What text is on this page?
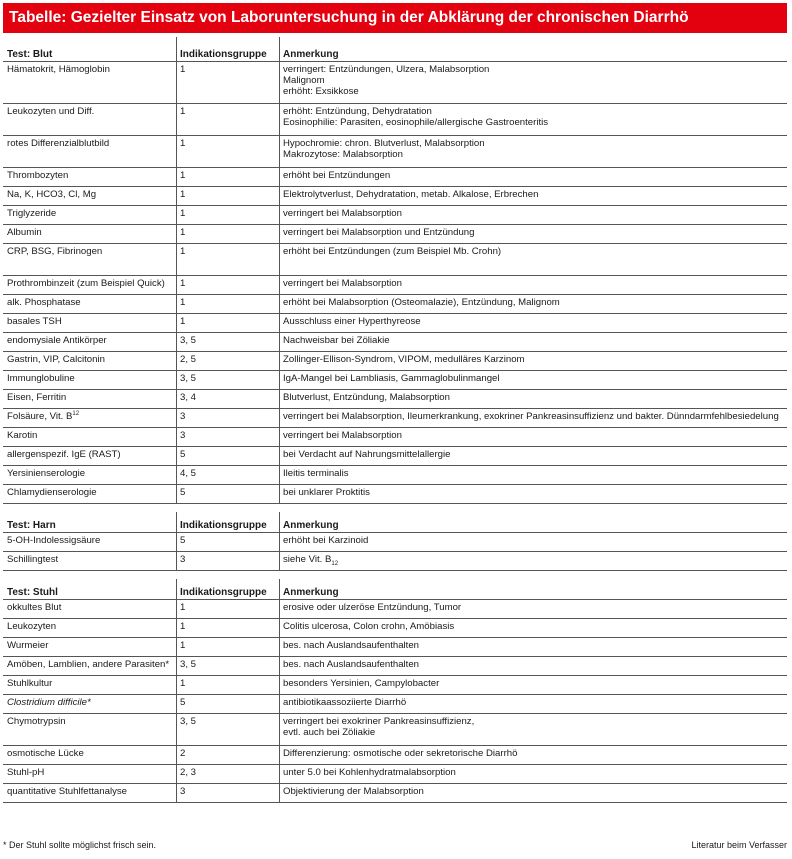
Tabelle: Gezielter Einsatz von Laboruntersuchung in der Abklärung der chronischen Diarrhö
Test: Blut	Indikationsgruppe	Anmerkung
Hämatokrit, Hämoglobin	1	verringert: Entzündungen, Ulzera, Malabsorption
Malignom
erhöht: Exsikkose
Leukozyten und Diff.	1	erhöht: Entzündung, Dehydratation
Eosinophilie: Parasiten, eosinophile/allergische Gastroenteritis
rotes Differenzialblutbild	1	Hypochromie: chron. Blutverlust, Malabsorption
Makrozytose: Malabsorption
Thrombozyten	1	erhöht bei Entzündungen
Na, K, HCO3, Cl, Mg	1	Elektrolytverlust, Dehydratation, metab. Alkalose, Erbrechen
Triglyzeride	1	verringert bei Malabsorption
Albumin	1	verringert bei Malabsorption und Entzündung
CRP, BSG, Fibrinogen	1	erhöht bei Entzündungen (zum Beispiel Mb. Crohn)
Prothrombinzeit (zum Beispiel Quick)	1	verringert bei Malabsorption
alk. Phosphatase	1	erhöht bei Malabsorption (Osteomalazie), Entzündung, Malignom
basales TSH	1	Ausschluss einer Hyperthyreose
endomysiale Antikörper	3, 5	Nachweisbar bei Zöliakie
Gastrin, VIP, Calcitonin	2, 5	Zollinger-Ellison-Syndrom, VIPOM, medulläres Karzinom
Immunglobuline	3, 5	IgA-Mangel bei Lambliasis, Gammaglobulinmangel
Eisen, Ferritin	3, 4	Blutverlust, Entzündung, Malabsorption
Folsäure, Vit. $B^{12}$	3	verringert bei Malabsorption, Ileumerkrankung, exokriner Pankreasinsuffizienz und bakter. Dünndarmfehlbesiedelung
Karotin	3	verringert bei Malabsorption
allergenspezif. IgE (RAST)	5	bei Verdacht auf Nahrungsmittelallergie
Yersinienserologie	4, 5	Ileitis terminalis
Chlamydienserologie	5	bei unklarer Proktitis
Test: Harn	Indikationsgruppe	Anmerkung
5-OH-Indolessigsäure	5	erhöht bei Karzinoid
Schillingtest	3	siehe Vit. $B_{12}$
Test: Stuhl	Indikationsgruppe	Anmerkung
okkultes Blut	1	erosive oder ulzeröse Entzündung, Tumor
Leukozyten	1	Colitis ulcerosa, Colon crohn, Amöbiasis
Wurmeier	1	bes. nach Auslandsaufenthalten
Amöben, Lamblien, andere Parasiten*	3, 5	bes. nach Auslandsaufenthalten
Stuhlkultur	1	besonders Yersinien, Campylobacter
Clostridium difficile*	5	antibiotikaassoziierte Diarrhö
Chymotrypsin	3, 5	verringert bei exokriner Pankreasinsuffizienz,
evtl. auch bei Zöliakie
osmotische Lücke	2	Differenzierung: osmotische oder sekretorische Diarrhö
Stuhl-pH	2, 3	unter 5.0 bei Kohlenhydratmalabsorption
quantitative Stuhlfettanalyse	3	Objektivierung der Malabsorption
* Der Stuhl sollte möglichst frisch sein.	Literatur beim Verfasser
